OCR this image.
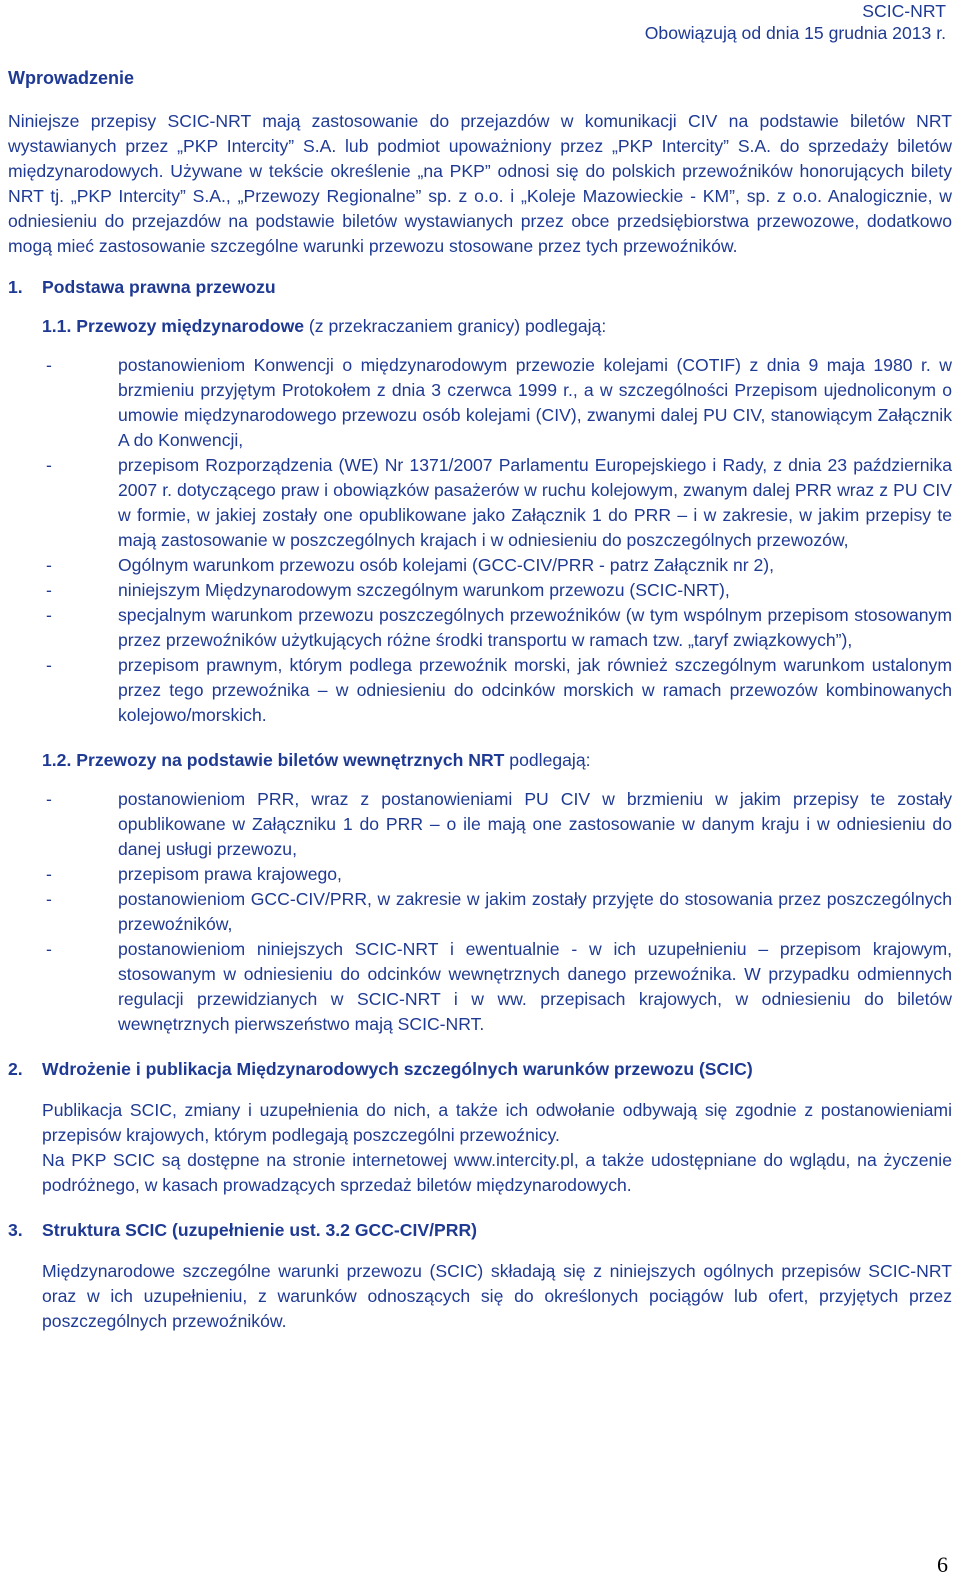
SCIC-NRT
Obowiązują od dnia 15 grudnia 2013 r.
Wprowadzenie

Niniejsze przepisy SCIC-NRT mają zastosowanie do przejazdów w komunikacji CIV na podstawie biletów NRT wystawianych przez „PKP Intercity” S.A. lub podmiot upoważniony przez „PKP Intercity” S.A. do sprzedaży biletów międzynarodowych. Używane w tekście określenie „na PKP” odnosi się do polskich przewoźników honorujących bilety NRT tj. „PKP Intercity” S.A., „Przewozy Regionalne” sp. z o.o. i „Koleje Mazowieckie - KM”, sp. z o.o. Analogicznie, w odniesieniu do przejazdów na podstawie biletów wystawianych przez obce przedsiębiorstwa przewozowe, dodatkowo mogą mieć zastosowanie szczególne warunki przewozu stosowane przez tych przewoźników.

1.	Podstawa prawna przewozu
1.1. Przewozy międzynarodowe (z przekraczaniem granicy) podlegają:
- postanowieniom Konwencji o międzynarodowym przewozie kolejami (COTIF) z dnia 9 maja 1980 r. w brzmieniu przyjętym Protokołem z dnia 3 czerwca 1999 r., a w szczególności Przepisom ujednoliconym o umowie międzynarodowego przewozu osób kolejami (CIV), zwanymi dalej PU CIV, stanowiącym Załącznik A do Konwencji,
- przepisom Rozporządzenia (WE) Nr 1371/2007 Parlamentu Europejskiego i Rady, z dnia 23 października 2007 r. dotyczącego praw i obowiązków pasażerów w ruchu kolejowym, zwanym dalej PRR wraz z PU CIV w formie, w jakiej zostały one opublikowane jako Załącznik 1 do PRR – i w zakresie, w jakim przepisy te mają zastosowanie w poszczególnych krajach i w odniesieniu do poszczególnych przewozów,
- Ogólnym warunkom przewozu osób kolejami (GCC-CIV/PRR - patrz Załącznik nr 2),
- niniejszym Międzynarodowym szczególnym warunkom przewozu (SCIC-NRT),
- specjalnym warunkom przewozu poszczególnych przewoźników (w tym wspólnym przepisom stosowanym przez przewoźników użytkujących różne środki transportu w ramach tzw. „taryf związkowych”),
- przepisom prawnym, którym podlega przewoźnik morski, jak również szczególnym warunkom ustalonym przez tego przewoźnika – w odniesieniu do odcinków morskich w ramach przewozów kombinowanych kolejowo/morskich.
1.2. Przewozy na podstawie biletów wewnętrznych NRT podlegają:
- postanowieniom PRR, wraz z postanowieniami PU CIV w brzmieniu w jakim przepisy te zostały opublikowane w Załączniku 1 do PRR – o ile mają one zastosowanie w danym kraju i w odniesieniu do danej usługi przewozu,
- przepisom prawa krajowego,
- postanowieniom GCC-CIV/PRR, w zakresie w jakim zostały przyjęte do stosowania przez poszczególnych przewoźników,
- postanowieniom niniejszych SCIC-NRT i ewentualnie - w ich uzupełnieniu – przepisom krajowym, stosowanym w odniesieniu do odcinków wewnętrznych danego przewoźnika. W przypadku odmiennych regulacji przewidzianych w SCIC-NRT i w ww. przepisach krajowych, w odniesieniu do biletów wewnętrznych pierwszeństwo mają SCIC-NRT.
2.	Wdrożenie i publikacja Międzynarodowych szczególnych warunków przewozu (SCIC)

Publikacja SCIC, zmiany i uzupełnienia do nich, a także ich odwołanie odbywają się zgodnie z postanowieniami przepisów krajowych, którym podlegają poszczególni przewoźnicy.

Na PKP SCIC są dostępne na stronie internetowej www.intercity.pl, a także udostępniane do wglądu, na życzenie podróżnego, w kasach prowadzących sprzedaż biletów międzynarodowych.

3.	Struktura SCIC (uzupełnienie ust. 3.2 GCC-CIV/PRR)

Międzynarodowe szczególne warunki przewozu (SCIC) składają się z niniejszych ogólnych przepisów SCIC-NRT oraz w ich uzupełnieniu, z warunków odnoszących się do określonych pociągów lub ofert, przyjętych przez poszczególnych przewoźników.

6
